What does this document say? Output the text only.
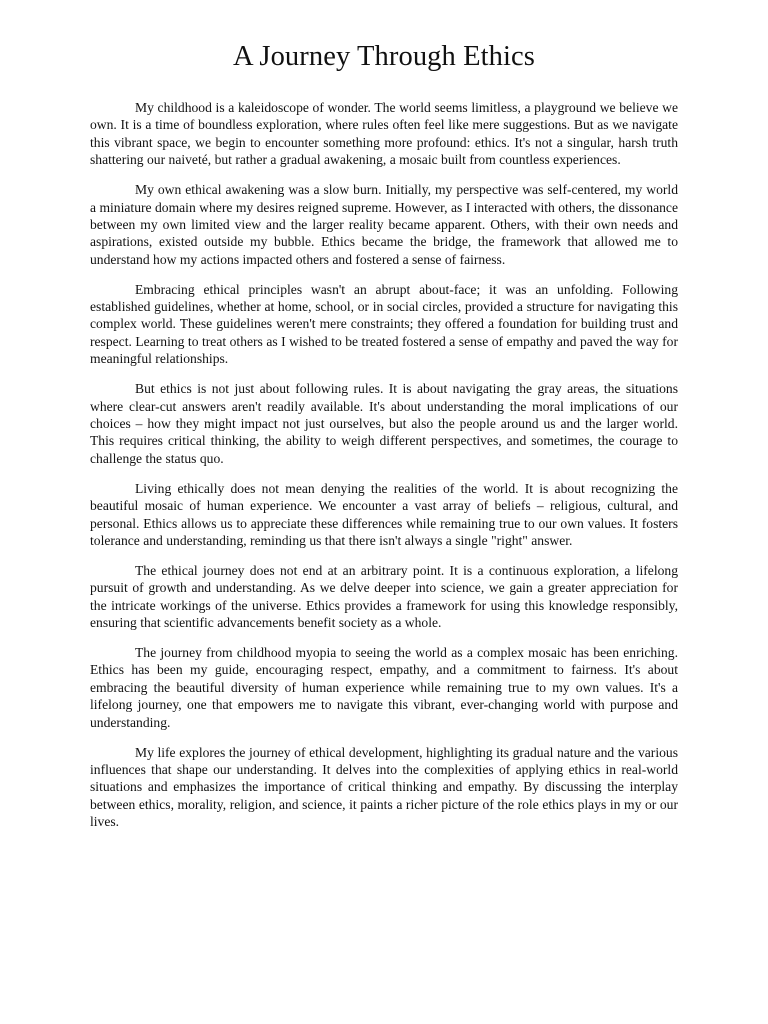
A Journey Through Ethics

My childhood is a kaleidoscope of wonder. The world seems limitless, a playground we believe we own. It is a time of boundless exploration, where rules often feel like mere suggestions. But as we navigate this vibrant space, we begin to encounter something more profound: ethics. It's not a singular, harsh truth shattering our naiveté, but rather a gradual awakening, a mosaic built from countless experiences.

My own ethical awakening was a slow burn. Initially, my perspective was self-centered, my world a miniature domain where my desires reigned supreme. However, as I interacted with others, the dissonance between my own limited view and the larger reality became apparent. Others, with their own needs and aspirations, existed outside my bubble. Ethics became the bridge, the framework that allowed me to understand how my actions impacted others and fostered a sense of fairness.

Embracing ethical principles wasn't an abrupt about-face; it was an unfolding. Following established guidelines, whether at home, school, or in social circles, provided a structure for navigating this complex world. These guidelines weren't mere constraints; they offered a foundation for building trust and respect. Learning to treat others as I wished to be treated fostered a sense of empathy and paved the way for meaningful relationships.

But ethics is not just about following rules. It is about navigating the gray areas, the situations where clear-cut answers aren't readily available. It's about understanding the moral implications of our choices – how they might impact not just ourselves, but also the people around us and the larger world. This requires critical thinking, the ability to weigh different perspectives, and sometimes, the courage to challenge the status quo.

Living ethically does not mean denying the realities of the world. It is about recognizing the beautiful mosaic of human experience. We encounter a vast array of beliefs – religious, cultural, and personal. Ethics allows us to appreciate these differences while remaining true to our own values. It fosters tolerance and understanding, reminding us that there isn't always a single "right" answer.

The ethical journey does not end at an arbitrary point. It is a continuous exploration, a lifelong pursuit of growth and understanding. As we delve deeper into science, we gain a greater appreciation for the intricate workings of the universe. Ethics provides a framework for using this knowledge responsibly, ensuring that scientific advancements benefit society as a whole.

The journey from childhood myopia to seeing the world as a complex mosaic has been enriching. Ethics has been my guide, encouraging respect, empathy, and a commitment to fairness. It's about embracing the beautiful diversity of human experience while remaining true to my own values. It's a lifelong journey, one that empowers me to navigate this vibrant, ever-changing world with purpose and understanding.

My life explores the journey of ethical development, highlighting its gradual nature and the various influences that shape our understanding. It delves into the complexities of applying ethics in real-world situations and emphasizes the importance of critical thinking and empathy. By discussing the interplay between ethics, morality, religion, and science, it paints a richer picture of the role ethics plays in my or our lives.
